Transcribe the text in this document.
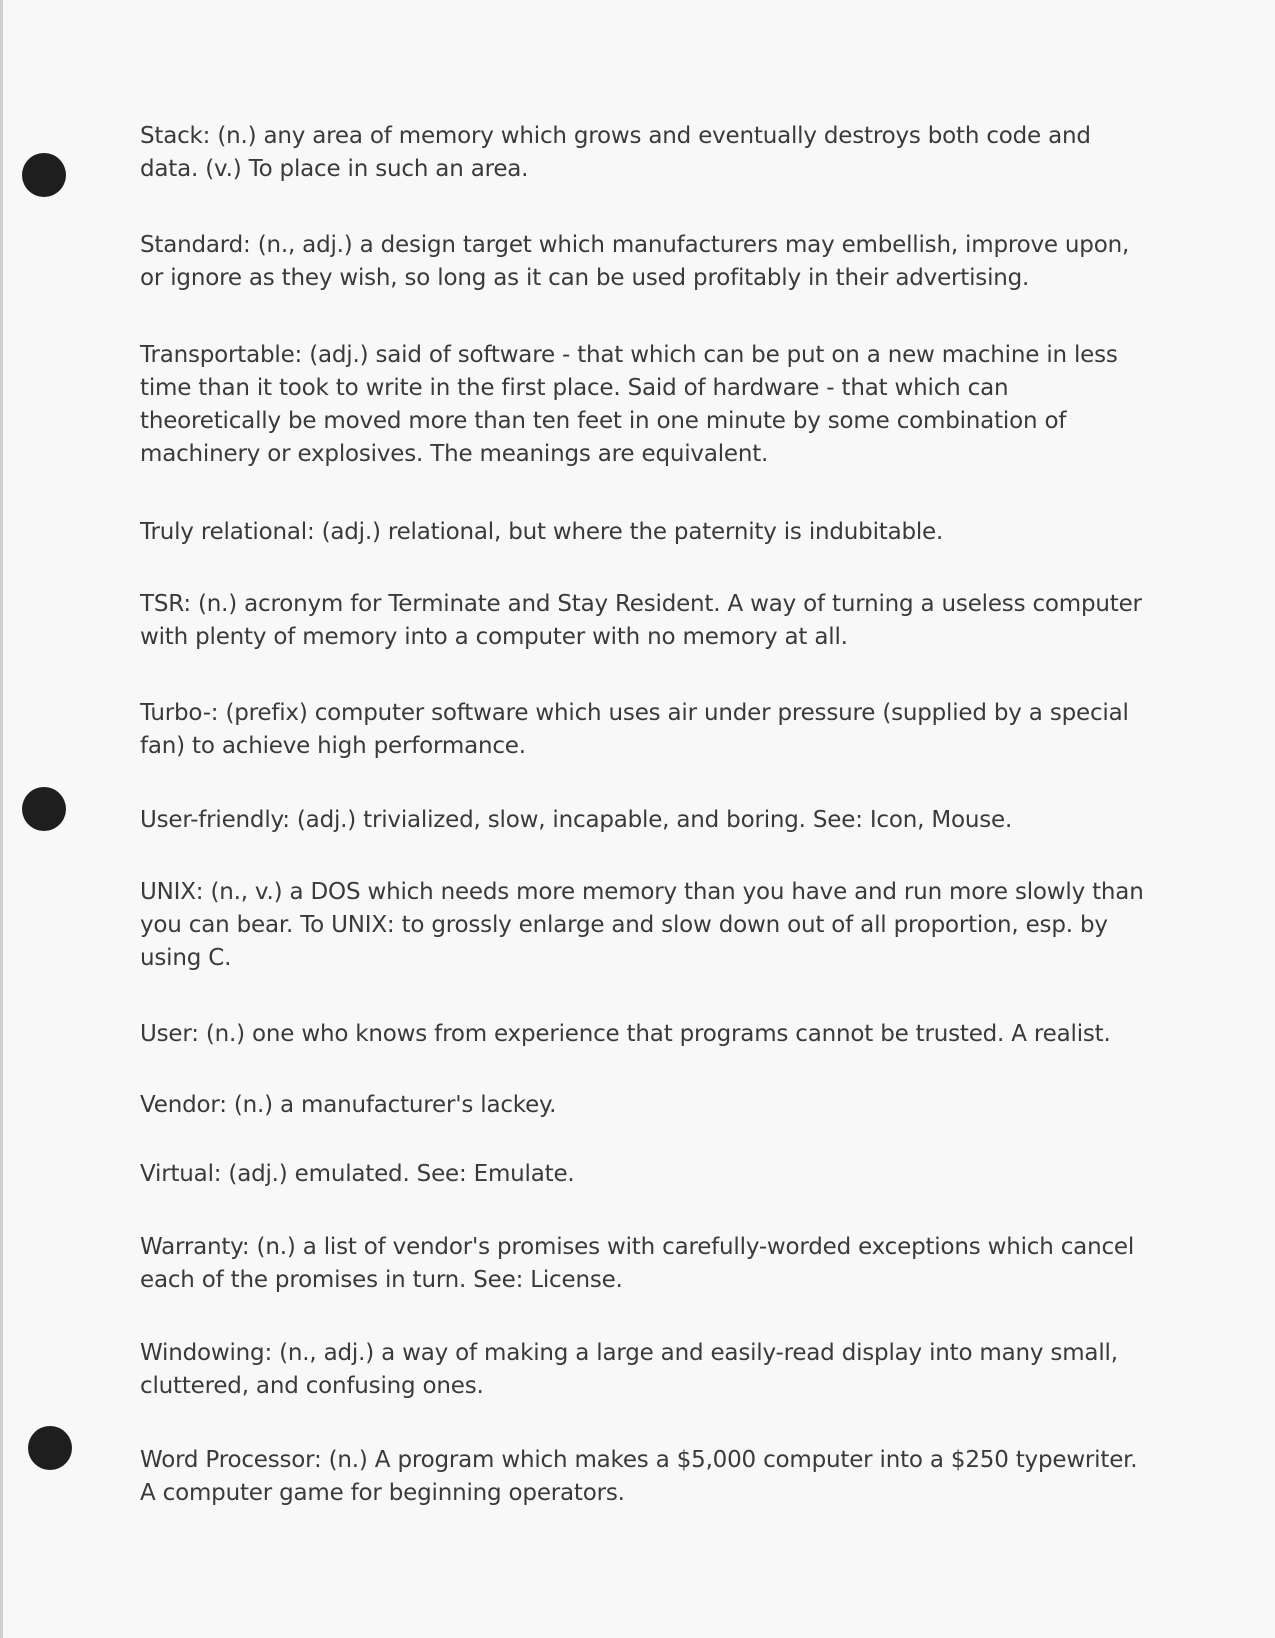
Stack: (n.) any area of memory which grows and eventually destroys both code and data. (v.) To place in such an area.

Standard: (n., adj.) a design target which manufacturers may embellish, improve upon, or ignore as they wish, so long as it can be used profitably in their advertising.

Transportable: (adj.) said of software - that which can be put on a new machine in less time than it took to write in the first place. Said of hardware - that which can theoretically be moved more than ten feet in one minute by some combination of machinery or explosives. The meanings are equivalent.

Truly relational: (adj.) relational, but where the paternity is indubitable.

TSR: (n.) acronym for Terminate and Stay Resident. A way of turning a useless computer with plenty of memory into a computer with no memory at all.

Turbo-: (prefix) computer software which uses air under pressure (supplied by a special fan) to achieve high performance.

User-friendly: (adj.) trivialized, slow, incapable, and boring. See: Icon, Mouse.

UNIX: (n., v.) a DOS which needs more memory than you have and run more slowly than you can bear. To UNIX: to grossly enlarge and slow down out of all proportion, esp. by using C.

User: (n.) one who knows from experience that programs cannot be trusted. A realist.

Vendor: (n.) a manufacturer's lackey.

Virtual: (adj.) emulated. See: Emulate.

Warranty: (n.) a list of vendor's promises with carefully-worded exceptions which cancel each of the promises in turn. See: License.

Windowing: (n., adj.) a way of making a large and easily-read display into many small, cluttered, and confusing ones.

Word Processor: (n.) A program which makes a $5,000 computer into a $250 typewriter. A computer game for beginning operators.
